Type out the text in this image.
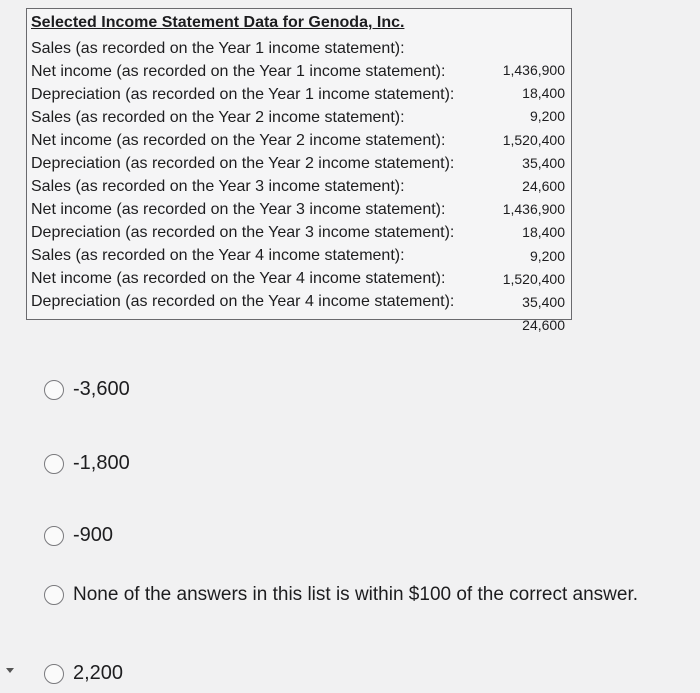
Selected Income Statement Data for Genoda, Inc.
Sales (as recorded on the Year 1 income statement):
Net income (as recorded on the Year 1 income statement):
Depreciation (as recorded on the Year 1 income statement):
Sales (as recorded on the Year 2 income statement):
Net income (as recorded on the Year 2 income statement):
Depreciation (as recorded on the Year 2 income statement):
Sales (as recorded on the Year 3 income statement):
Net income (as recorded on the Year 3 income statement):
Depreciation (as recorded on the Year 3 income statement):
Sales (as recorded on the Year 4 income statement):
Net income (as recorded on the Year 4 income statement):
Depreciation (as recorded on the Year 4 income statement):
1,436,900
18,400
9,200
1,520,400
35,400
24,600
1,436,900
18,400
9,200
1,520,400
35,400
24,600
-3,600
-1,800
-900
None of the answers in this list is within $100 of the correct answer.
2,200
